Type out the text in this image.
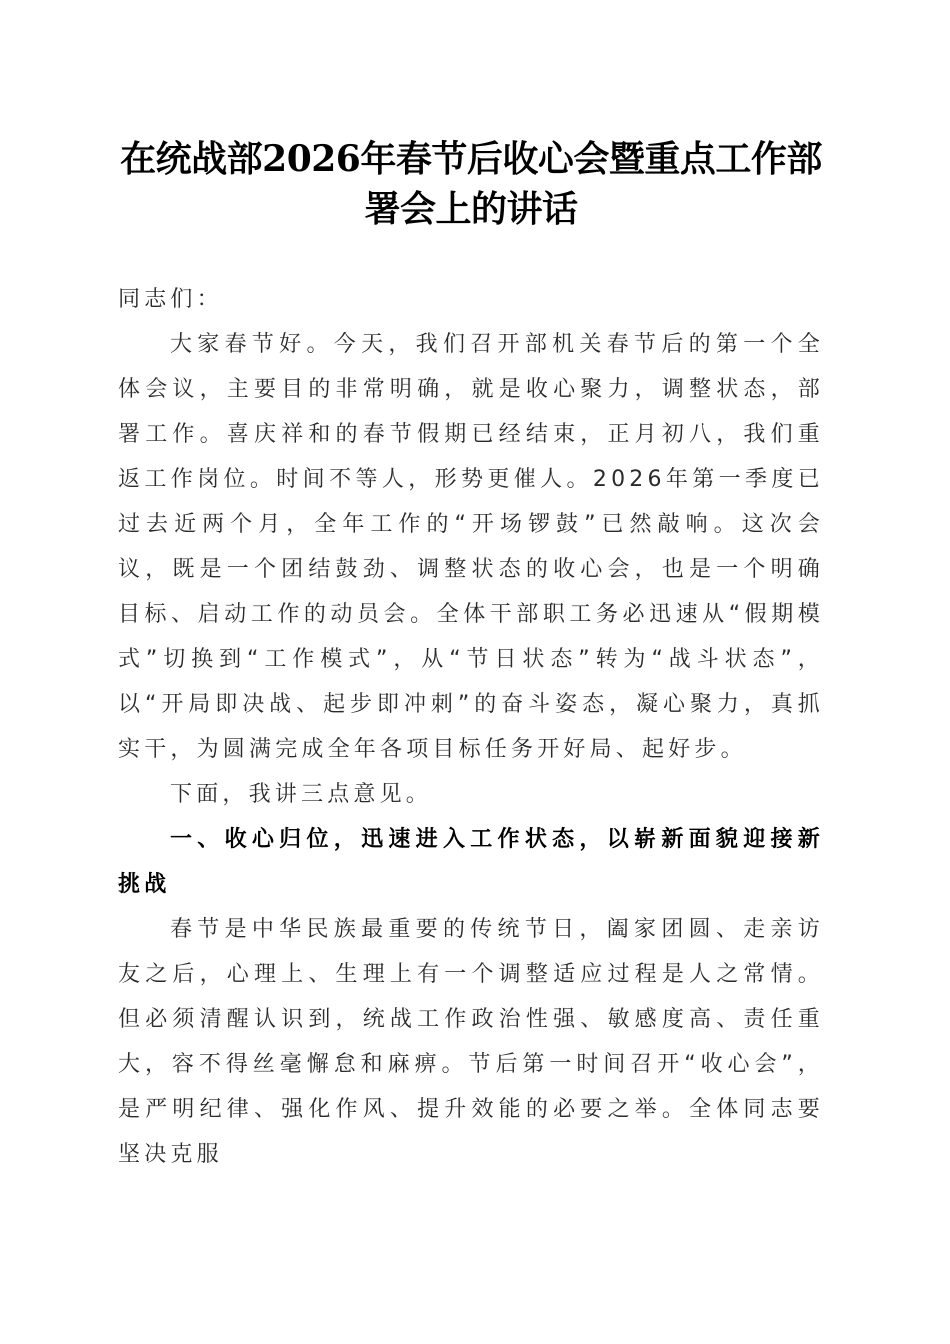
在统战部2026年春节后收心会暨重点工作部署会上的讲话

同志们：

大家春节好。今天，我们召开部机关春节后的第一个全体会议，主要目的非常明确，就是收心聚力，调整状态，部署工作。喜庆祥和的春节假期已经结束，正月初八，我们重返工作岗位。时间不等人，形势更催人。2026年第一季度已过去近两个月，全年工作的“开场锣鼓”已然敲响。这次会议，既是一个团结鼓劲、调整状态的收心会，也是一个明确目标、启动工作的动员会。全体干部职工务必迅速从“假期模式”切换到“工作模式”，从“节日状态”转为“战斗状态”，以“开局即决战、起步即冲刺”的奋斗姿态，凝心聚力，真抓实干，为圆满完成全年各项目标任务开好局、起好步。

下面，我讲三点意见。

一、收心归位，迅速进入工作状态，以崭新面貌迎接新挑战

春节是中华民族最重要的传统节日，阖家团圆、走亲访友之后，心理上、生理上有一个调整适应过程是人之常情。但必须清醒认识到，统战工作政治性强、敏感度高、责任重大，容不得丝毫懈怠和麻痹。节后第一时间召开“收心会”，是严明纪律、强化作风、提升效能的必要之举。全体同志要坚决克服
